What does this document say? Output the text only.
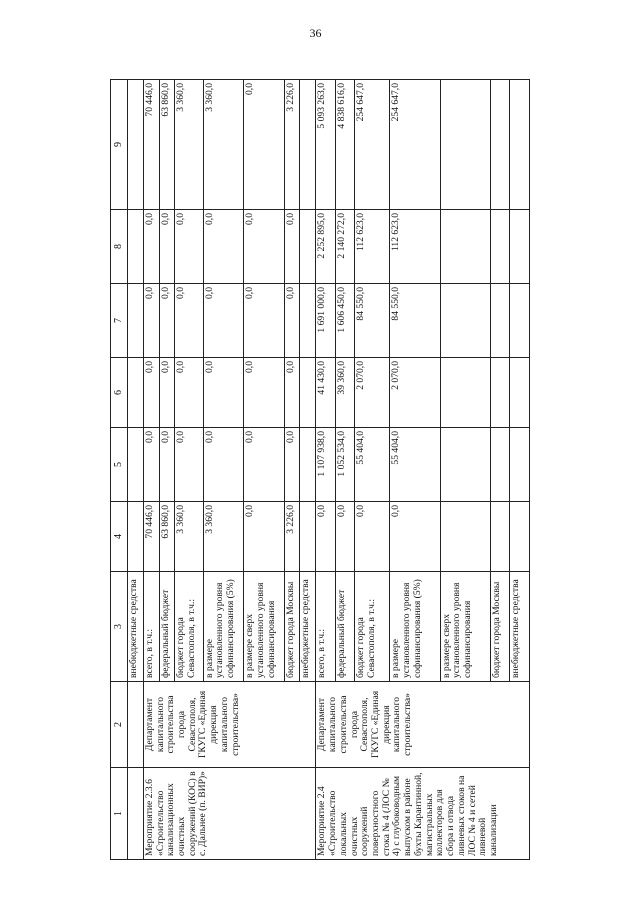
36
1	2	3	4	5	6	7	8	9
		внебюджетные средства						
Мероприятие 2.3.6 «Строительство канализационных очистных сооружений (КОС) в с. Дальнее (п. ВИР)»	Департамент капитального строительства города Севастополя, ГКУГС «Единая дирекция капитального строительства»	всего, в т.ч.:	70 446,0	0,0	0,0	0,0	0,0	70 446,0
		федеральный бюджет	63 860,0	0,0	0,0	0,0	0,0	63 860,0
		бюджет города Севастополя, в т.ч.:	3 360,0	0,0	0,0	0,0	0,0	3 360,0
		в размере установленного уровня софинансирования (5%)	3 360,0	0,0	0,0	0,0	0,0	3 360,0
		в размере сверх установленного уровня софинансирования	0,0	0,0	0,0	0,0	0,0	0,0
		бюджет города Москвы	3 226,0	0,0	0,0	0,0	0,0	3 226,0
		внебюджетные средства						
Мероприятие 2.4 «Строительство локальных очистных сооружений поверхностного стока № 4 (ЛОС № 4) с глубоководным выпуском в районе бухты Карантинной, магистральных коллекторов для сбора и отвода ливневых стоков на ЛОС № 4 и сетей ливневой канализации	Департамент капитального строительства города Севастополя, ГКУГС «Единая дирекция капитального строительства»	всего, в т.ч.:	0,0	1 107 938,0	41 430,0	1 691 000,0	2 252 895,0	5 093 263,0
		федеральный бюджет	0,0	1 052 534,0	39 360,0	1 606 450,0	2 140 272,0	4 838 616,0
		бюджет города Севастополя, в т.ч.:	0,0	55 404,0	2 070,0	84 550,0	112 623,0	254 647,0
		в размере установленного уровня софинансирования (5%)	0,0	55 404,0	2 070,0	84 550,0	112 623,0	254 647,0
		в размере сверх установленного уровня софинансирования						
		бюджет города Москвы						
		внебюджетные средства						
